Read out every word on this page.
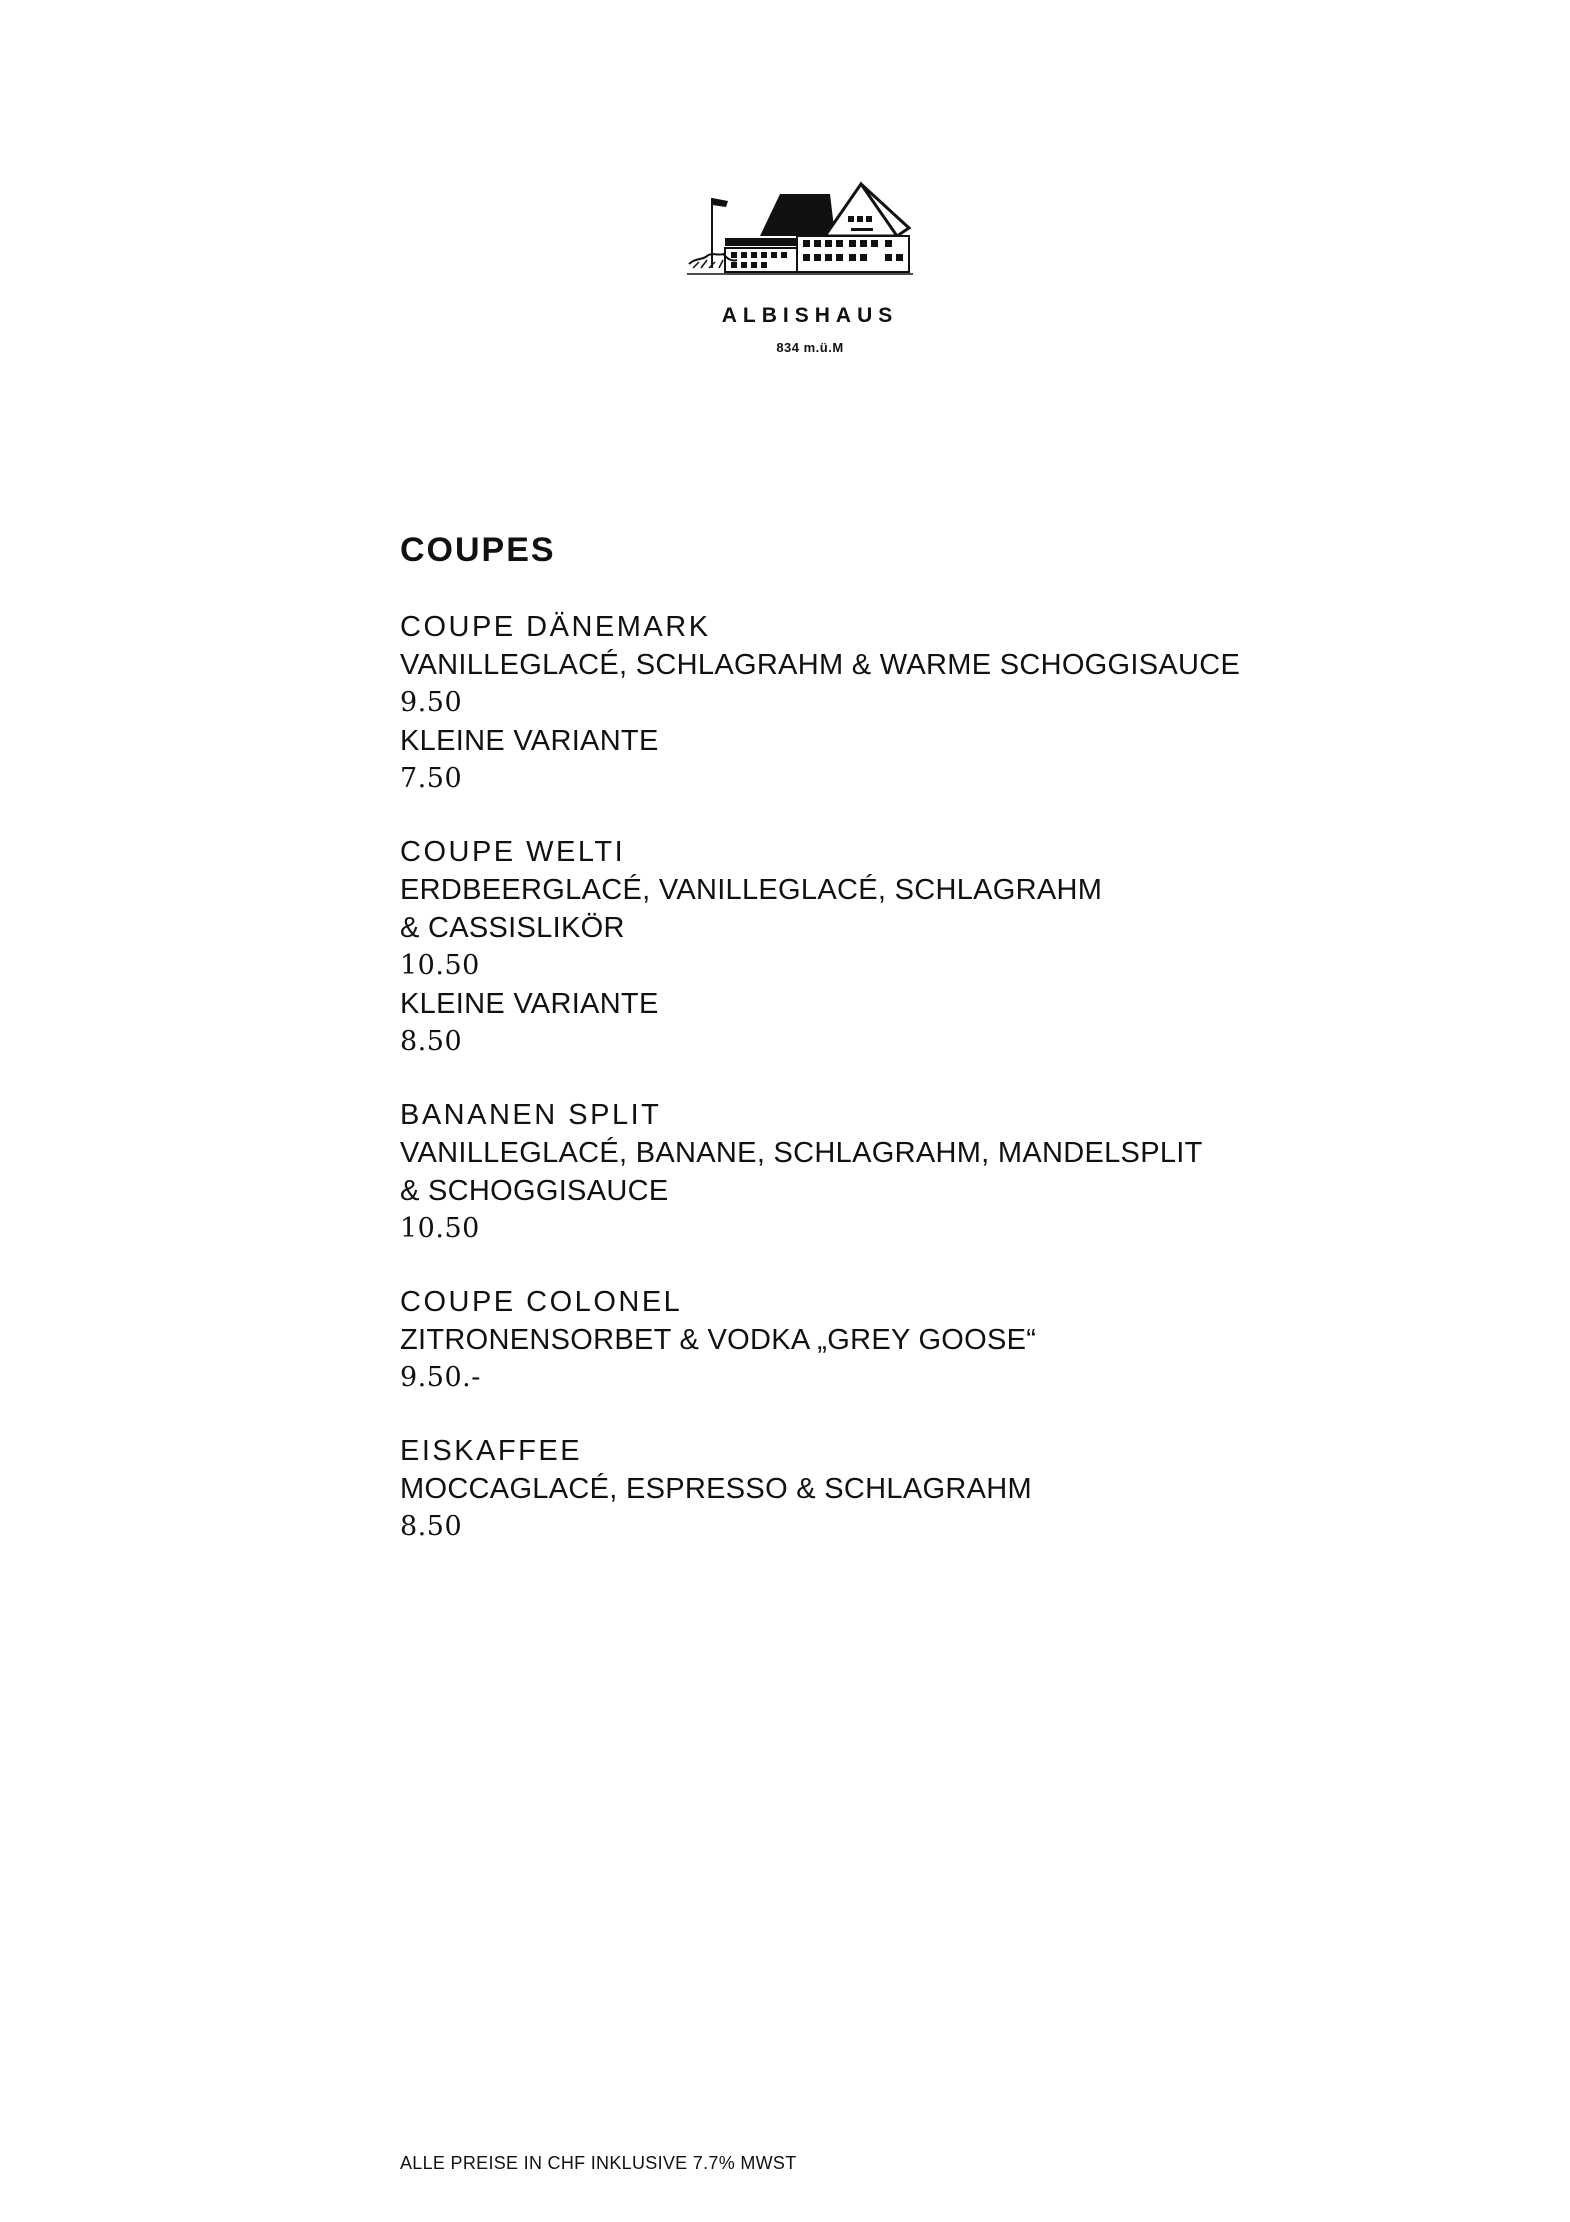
ALBISHAUS
834 m.ü.M
COUPES
COUPE DÄNEMARK
VANILLEGLACÉ, SCHLAGRAHM & WARME SCHOGGISAUCE
9.50
KLEINE VARIANTE
7.50
COUPE WELTI
ERDBEERGLACÉ, VANILLEGLACÉ, SCHLAGRAHM
& CASSISLIKÖR
10.50
KLEINE VARIANTE
8.50
BANANEN SPLIT
VANILLEGLACÉ, BANANE, SCHLAGRAHM, MANDELSPLIT
& SCHOGGISAUCE
10.50
COUPE COLONEL
ZITRONENSORBET & VODKA „GREY GOOSE“
9.50.-
EISKAFFEE
MOCCAGLACÉ, ESPRESSO & SCHLAGRAHM
8.50
ALLE PREISE IN CHF INKLUSIVE 7.7% MWST
